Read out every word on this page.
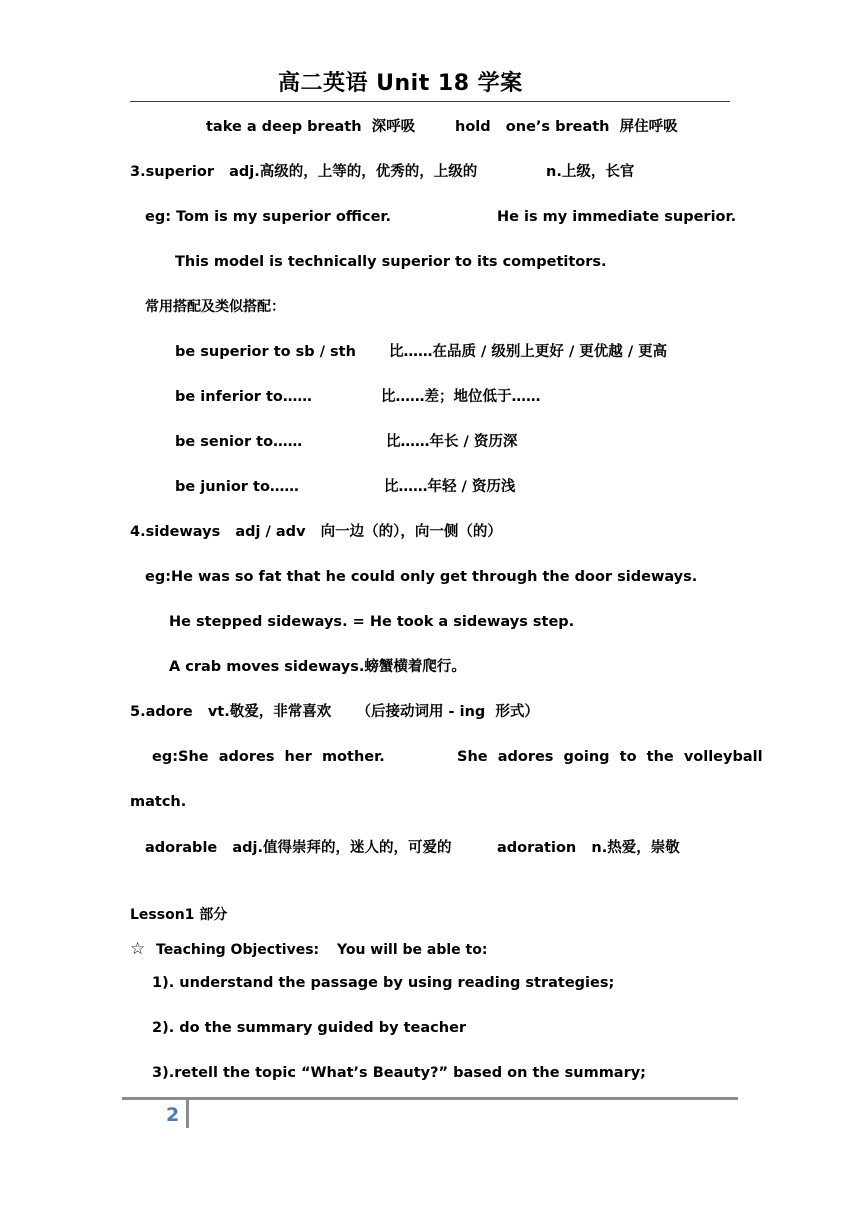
高二英语 Unit 18 学案
take a deep breath  深呼吸	hold   one’s breath  屏住呼吸
3.superior   adj.高级的，上等的，优秀的，上级的	n.上级，长官
eg: Tom is my superior officer.	He is my immediate superior.
This model is technically superior to its competitors.
常用搭配及类似搭配：
be superior to sb / sth 比……在品质 / 级别上更好 / 更优越 / 更高
be inferior to……	比……差；地位低于……
be senior to……	比……年长 / 资历深
be junior to……	比……年轻 / 资历浅
4.sideways   adj / adv   向一边（的），向一侧（的）
eg:He was so fat that he could only get through the door sideways.
He stepped sideways. = He took a sideways step.
A crab moves sideways.螃蟹横着爬行。
5.adore   vt.敬爱，非常喜欢     （后接动词用 - ing  形式）
eg:She  adores  her  mother.	She  adores  going  to  the  volleyball
match.
adorable   adj.值得崇拜的，迷人的，可爱的	adoration   n.热爱，崇敬
Lesson1 部分
☆ Teaching Objectives: You will be able to:
1). understand the passage by using reading strategies;
2). do the summary guided by teacher
3).retell the topic “What’s Beauty?” based on the summary;
2
